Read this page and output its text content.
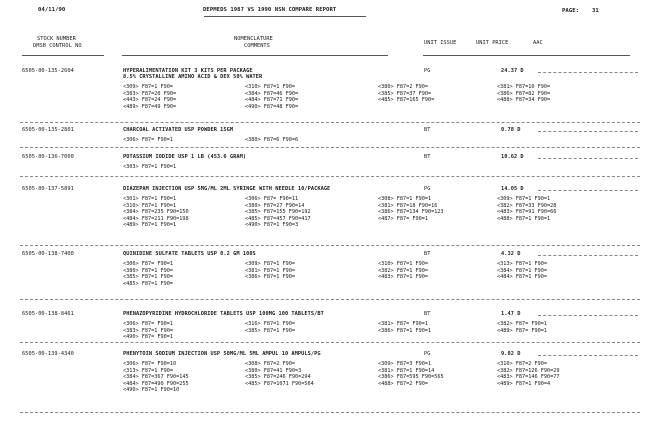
04/11/90	DEPMEDS 1987 VS 1990 NSN COMPARE REPORT	PAGE: 31
STOCK NUMBER
DMSB CONTROL NO
NOMENCLATURE
COMMENTS	UNIT ISSUE	UNIT PRICE	AAC
6505-00-135-2604	HYPERALIMENTATION KIT 3 KITS PER PACKAGE
8.5% CRYSTALLINE AMINO ACID & DEX 50% WATER
PG	24.37 D
<309> F87=1 F90=	<310> F87=1 F90=	<380> F87=2 F90=	<381> F87=10 F90=
<383> F87=20 F90=	<384> F87=46 F90=	<385> F87=37 F90=	<386> F87=82 F90=
<443> F87=24 F90=	<484> F87=71 F90=	<485> F87=165 F90=	<488> F87=34 F90=
<489> F87=49 F90=	<490> F87=48 F90=
6505-00-135-2801	CHARCOAL ACTIVATED USP POWDER 15GM	BT	0.78 D
<306> F87= F90=1	<380> F87=6 F90=6
6505-00-136-7000	POTASSIUM IODIDE USP 1 LB (453.6 GRAM)	BT	10.62 D
<303> F87=1 F90=1
6505-00-137-5891	DIAZEPAM INJECTION USP 5MG/ML 2ML SYRINGE WITH NEEDLE 10/PACKAGE	PG	14.05 D
<301> F87=1 F90=1	<306> F87= F90=11	<308> F87=1 F90=1	<309> F87=1 F90=1
<310> F87=1 F90=1	<380> F87=27 F90=14	<381> F87=18 F90=16	<382> F87=33 F90=28
<384> F87=235 F90=150	<385> F87=155 F90=192	<386> F87=134 F90=123	<483> F87=91 F90=66
<484> F87=211 F90=198	<485> F87=457 F90=417	<487> F87= F90=1	<488> F87=1 F90=1
<489> F87=1 F90=1	<490> F87=1 F90=3
6505-00-138-7400	QUINIDINE SULFATE TABLETS USP 0.2 GM 100S	BT	4.32 D
<306> F87= F90=1	<309> F87=1 F90=	<310> F87=1 F90=	<313> F87=1 F90=
<380> F87=1 F90=	<381> F87=1 F90=	<382> F87=1 F90=	<384> F87=1 F90=
<385> F87=1 F90=	<386> F87=1 F90=	<483> F87=1 F90=	<484> F87=1 F90=
<485> F87=1 F90=
6505-00-138-8461	PHENAZOPYRIDINE HYDROCHLORIDE TABLETS USP 100MG 100 TABLETS/BT	BT	1.47 D
<306> F87= F90=1	<316> F87=1 F90=	<381> F87= F90=1	<382> F87= F90=1
<383> F87=1 F90=	<385> F87=1 F90=	<386> F87=1 F90=1	<489> F87= F90=1
<490> F87= F90=1
6505-00-139-4340	PHENYTOIN SODIUM INJECTION USP 50MG/ML 5ML AMPUL 10 AMPULS/PG	PG	9.02 D
<306> F87= F90=10	<308> F87=2 F90=	<309> F87=3 F90=1	<310> F87=2 F90=
<313> F87=1 F90=	<380> F87=41 F90=3	<381> F87=1 F90=14	<382> F87=126 F90=29
<384> F87=367 F90=145	<385> F87=246 F90=294	<386> F87=595 F90=565	<483> F87=146 F90=77
<484> F87=490 F90=255	<485> F87=1071 F90=564	<488> F87=2 F90=	<489> F87=1 F90=4
<490> F87=1 F90=10
